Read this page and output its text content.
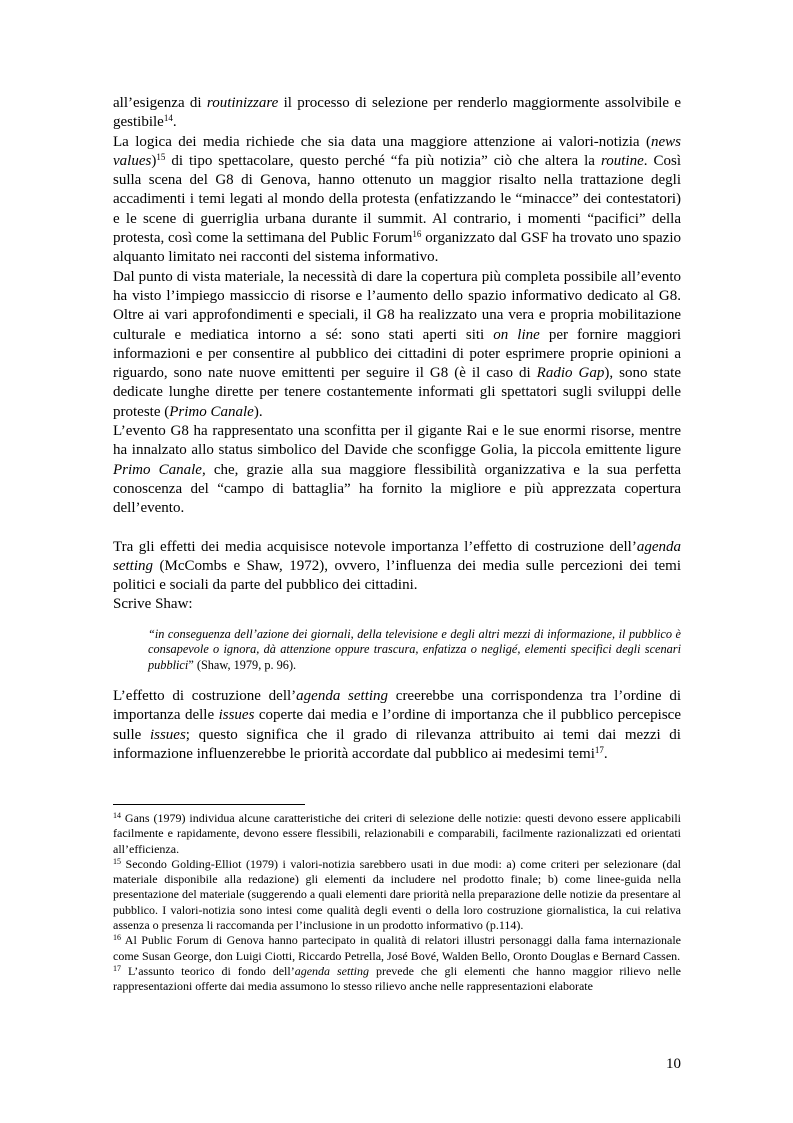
all’esigenza di routinizzare il processo di selezione per renderlo maggiormente assolvibile e gestibile$^{14}$.

La logica dei media richiede che sia data una maggiore attenzione ai valori-notizia (news values)$^{15}$ di tipo spettacolare, questo perché “fa più notizia” ciò che altera la routine. Così sulla scena del G8 di Genova, hanno ottenuto un maggior risalto nella trattazione degli accadimenti i temi legati al mondo della protesta (enfatizzando le “minacce” dei contestatori) e le scene di guerriglia urbana durante il summit. Al contrario, i momenti “pacifici” della protesta, così come la settimana del Public Forum$^{16}$ organizzato dal GSF ha trovato uno spazio alquanto limitato nei racconti del sistema informativo.

Dal punto di vista materiale, la necessità di dare la copertura più completa possibile all’evento ha visto l’impiego massiccio di risorse e l’aumento dello spazio informativo dedicato al G8. Oltre ai vari approfondimenti e speciali, il G8 ha realizzato una vera e propria mobilitazione culturale e mediatica intorno a sé: sono stati aperti siti on line per fornire maggiori informazioni e per consentire al pubblico dei cittadini di poter esprimere proprie opinioni a riguardo, sono nate nuove emittenti per seguire il G8 (è il caso di Radio Gap), sono state dedicate lunghe dirette per tenere costantemente informati gli spettatori sugli sviluppi delle proteste (Primo Canale).

L’evento G8 ha rappresentato una sconfitta per il gigante Rai e le sue enormi risorse, mentre ha innalzato allo status simbolico del Davide che sconfigge Golia, la piccola emittente ligure Primo Canale, che, grazie alla sua maggiore flessibilità organizzativa e la sua perfetta conoscenza del “campo di battaglia” ha fornito la migliore e più apprezzata copertura dell’evento.

Tra gli effetti dei media acquisisce notevole importanza l’effetto di costruzione dell’agenda setting (McCombs e Shaw, 1972), ovvero, l’influenza dei media sulle percezioni dei temi politici e sociali da parte del pubblico dei cittadini.

Scrive Shaw:

“in conseguenza dell’azione dei giornali, della televisione e degli altri mezzi di informazione, il pubblico è consapevole o ignora, dà attenzione oppure trascura, enfatizza o negligé, elementi specifici degli scenari pubblici” (Shaw, 1979, p. 96).

L’effetto di costruzione dell’agenda setting creerebbe una corrispondenza tra l’ordine di importanza delle issues coperte dai media e l’ordine di importanza che il pubblico percepisce sulle issues; questo significa che il grado di rilevanza attribuito ai temi dai mezzi di informazione influenzerebbe le priorità accordate dal pubblico ai medesimi temi$^{17}$.

$^{14}$ Gans (1979) individua alcune caratteristiche dei criteri di selezione delle notizie: questi devono essere applicabili facilmente e rapidamente, devono essere flessibili, relazionabili e comparabili, facilmente razionalizzati ed orientati all’efficienza.

$^{15}$ Secondo Golding-Elliot (1979) i valori-notizia sarebbero usati in due modi: a) come criteri per selezionare (dal materiale disponibile alla redazione) gli elementi da includere nel prodotto finale; b) come linee-guida nella presentazione del materiale (suggerendo a quali elementi dare priorità nella preparazione delle notizie da presentare al pubblico. I valori-notizia sono intesi come qualità degli eventi o della loro costruzione giornalistica, la cui relativa assenza o presenza li raccomanda per l’inclusione in un prodotto informativo (p.114).

$^{16}$ Al Public Forum di Genova hanno partecipato in qualità di relatori illustri personaggi dalla fama internazionale come Susan George, don Luigi Ciotti, Riccardo Petrella, José Bové, Walden Bello, Oronto Douglas e Bernard Cassen.

$^{17}$ L’assunto teorico di fondo dell’agenda setting prevede che gli elementi che hanno maggior rilievo nelle rappresentazioni offerte dai media assumono lo stesso rilievo anche nelle rappresentazioni elaborate

10
